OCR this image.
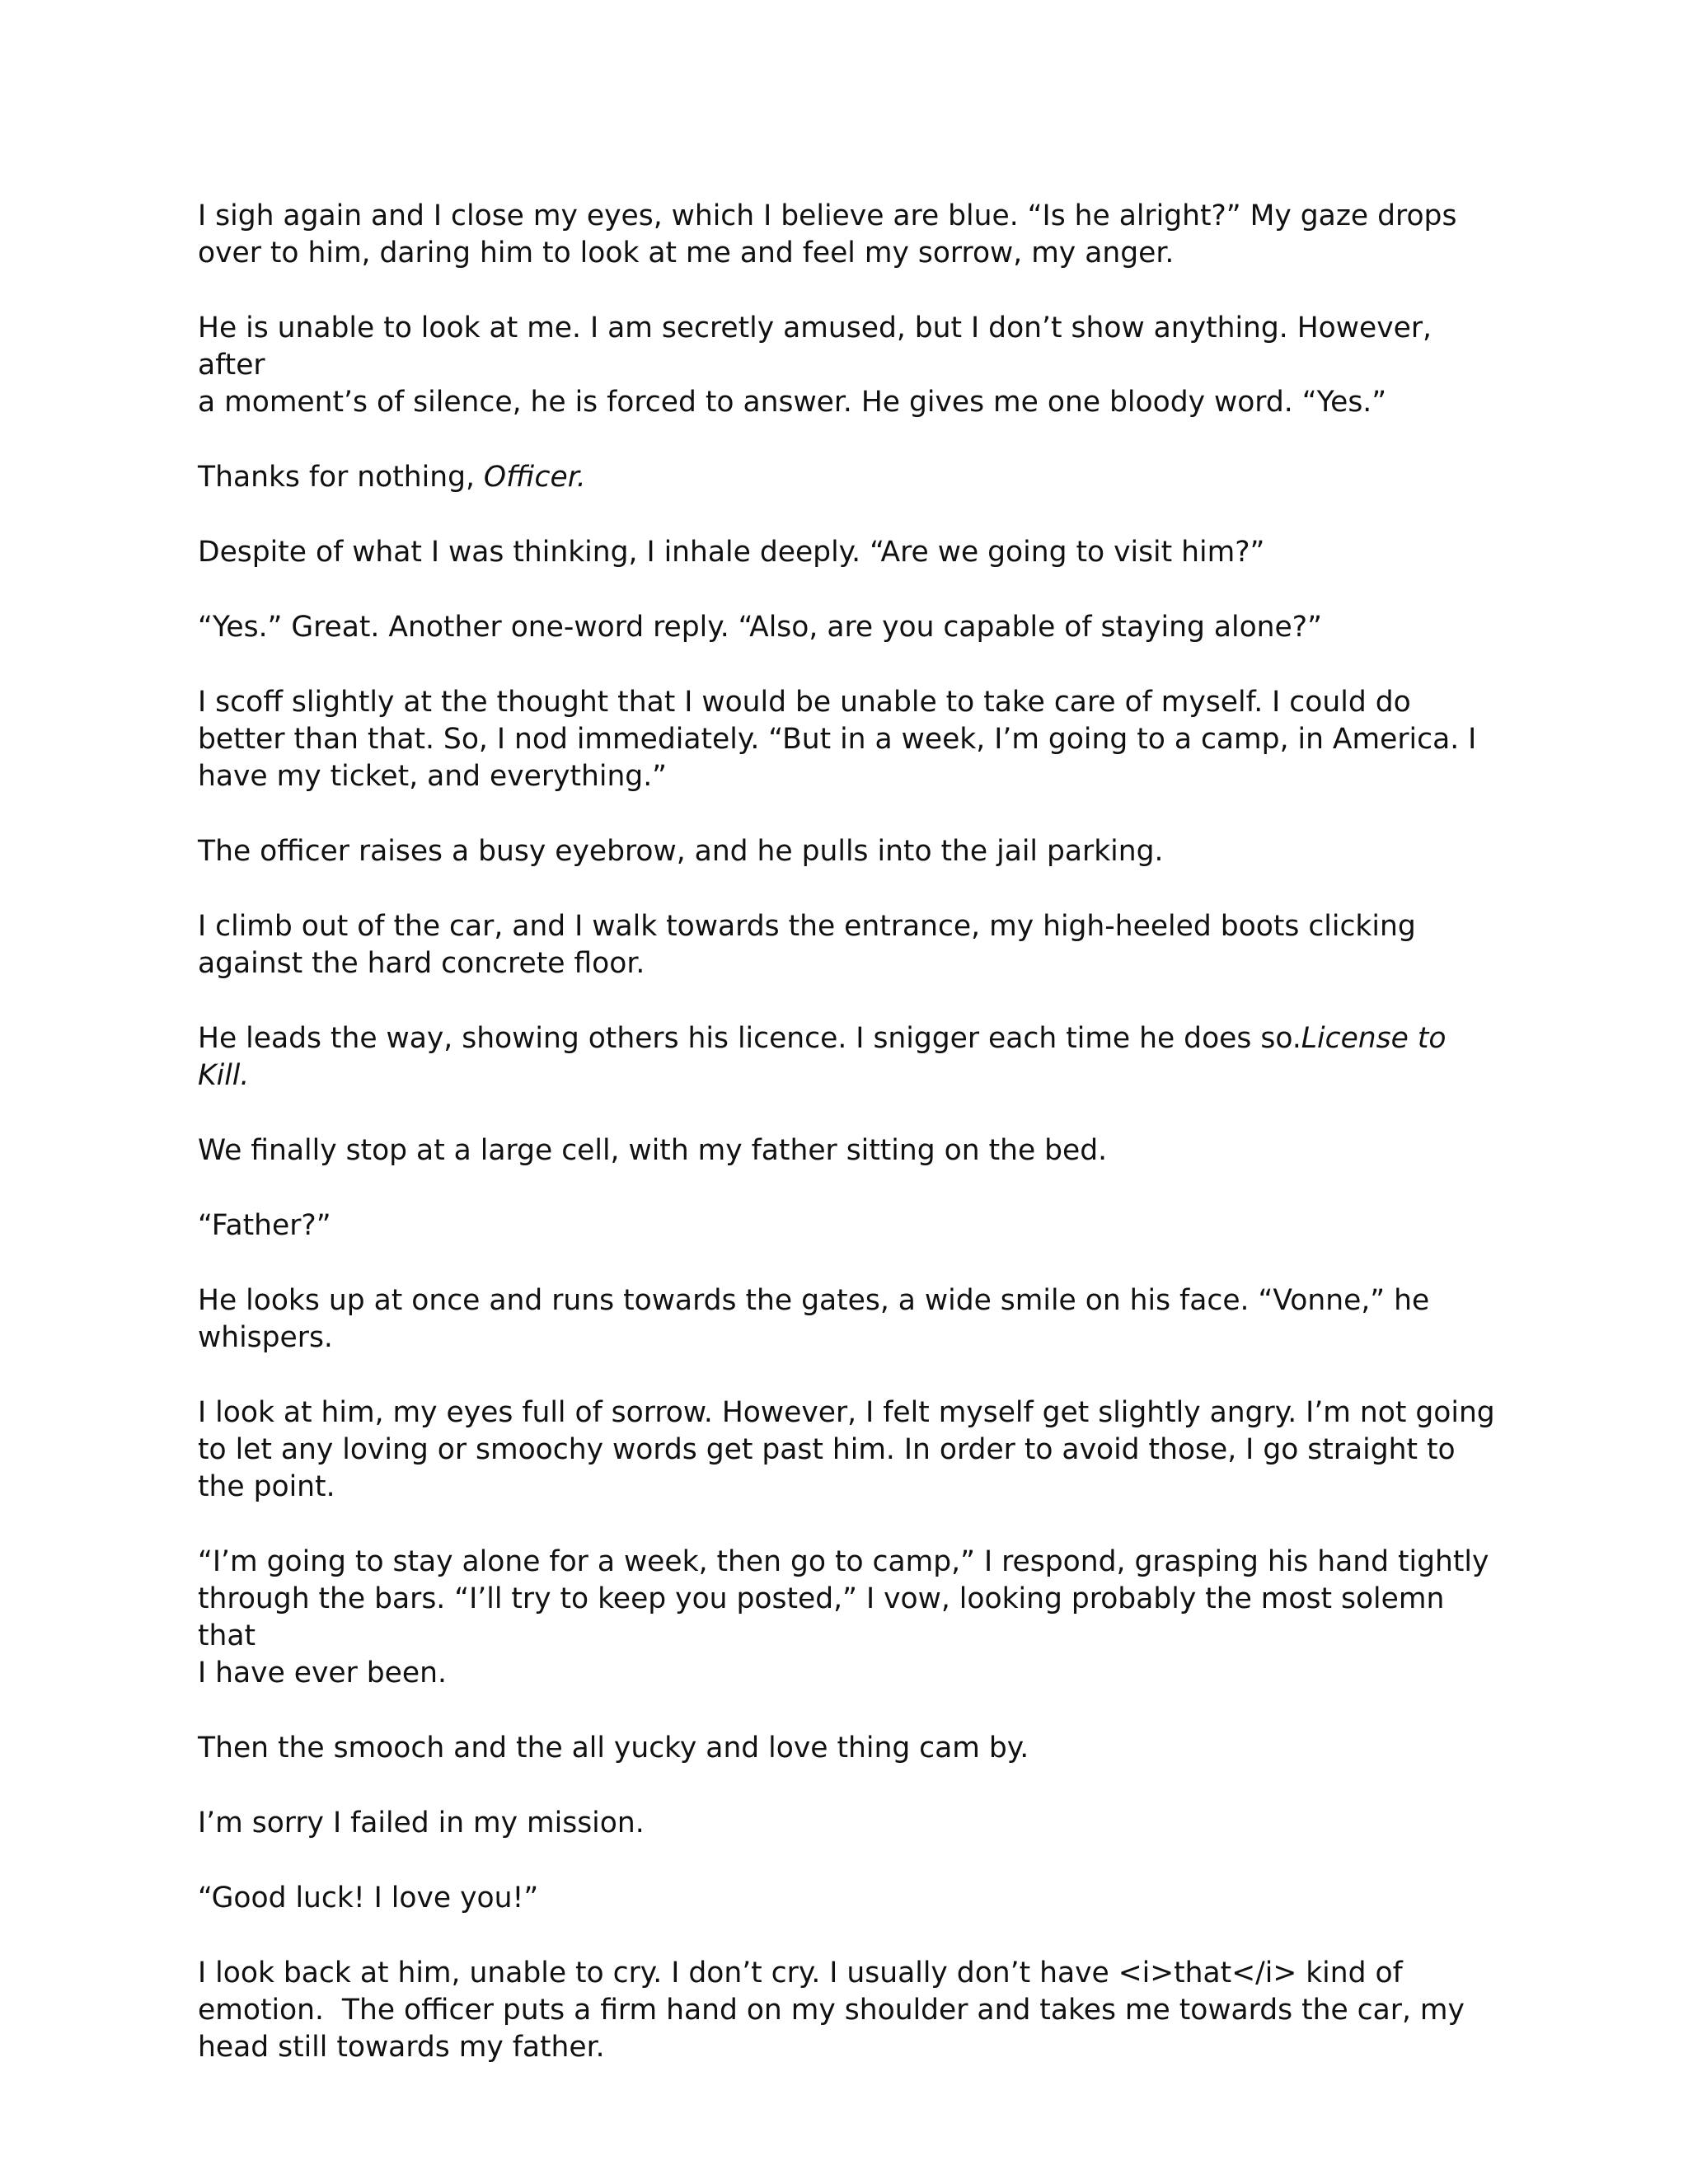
I sigh again and I close my eyes, which I believe are blue. “Is he alright?” My gaze drops
over to him, daring him to look at me and feel my sorrow, my anger.

He is unable to look at me. I am secretly amused, but I don’t show anything. However, after
a moment’s of silence, he is forced to answer. He gives me one bloody word. “Yes.”

Thanks for nothing, Officer.

Despite of what I was thinking, I inhale deeply. “Are we going to visit him?”

“Yes.” Great. Another one-word reply. “Also, are you capable of staying alone?”

I scoff slightly at the thought that I would be unable to take care of myself. I could do
better than that. So, I nod immediately. “But in a week, I’m going to a camp, in America. I
have my ticket, and everything.”

The officer raises a busy eyebrow, and he pulls into the jail parking.

I climb out of the car, and I walk towards the entrance, my high-heeled boots clicking
against the hard concrete floor.

He leads the way, showing others his licence. I snigger each time he does so.License to Kill.

We finally stop at a large cell, with my father sitting on the bed.

“Father?”

He looks up at once and runs towards the gates, a wide smile on his face. “Vonne,” he
whispers.

I look at him, my eyes full of sorrow. However, I felt myself get slightly angry. I’m not going
to let any loving or smoochy words get past him. In order to avoid those, I go straight to
the point.

“I’m going to stay alone for a week, then go to camp,” I respond, grasping his hand tightly
through the bars. “I’ll try to keep you posted,” I vow, looking probably the most solemn that
I have ever been.

Then the smooch and the all yucky and love thing cam by.

I’m sorry I failed in my mission.

“Good luck! I love you!”

I look back at him, unable to cry. I don’t cry. I usually don’t have <i>that</i> kind of
emotion.  The officer puts a firm hand on my shoulder and takes me towards the car, my
head still towards my father.
